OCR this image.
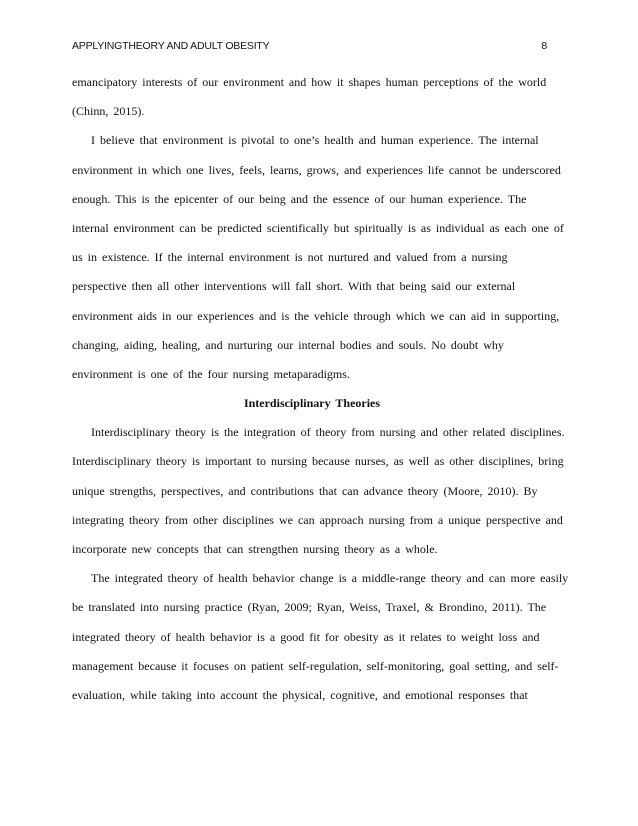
APPLYINGTHEORY AND ADULT OBESITY	8
emancipatory interests of our environment and how it shapes human perceptions of the world
(Chinn, 2015).
I believe that environment is pivotal to one’s health and human experience. The internal
environment in which one lives, feels, learns, grows, and experiences life cannot be underscored
enough. This is the epicenter of our being and the essence of our human experience. The
internal environment can be predicted scientifically but spiritually is as individual as each one of
us in existence. If the internal environment is not nurtured and valued from a nursing
perspective then all other interventions will fall short. With that being said our external
environment aids in our experiences and is the vehicle through which we can aid in supporting,
changing, aiding, healing, and nurturing our internal bodies and souls. No doubt why
environment is one of the four nursing metaparadigms.
Interdisciplinary Theories
Interdisciplinary theory is the integration of theory from nursing and other related disciplines.
Interdisciplinary theory is important to nursing because nurses, as well as other disciplines, bring
unique strengths, perspectives, and contributions that can advance theory (Moore, 2010). By
integrating theory from other disciplines we can approach nursing from a unique perspective and
incorporate new concepts that can strengthen nursing theory as a whole.
The integrated theory of health behavior change is a middle-range theory and can more easily
be translated into nursing practice (Ryan, 2009; Ryan, Weiss, Traxel, & Brondino, 2011). The
integrated theory of health behavior is a good fit for obesity as it relates to weight loss and
management because it focuses on patient self-regulation, self-monitoring, goal setting, and self-
evaluation, while taking into account the physical, cognitive, and emotional responses that
